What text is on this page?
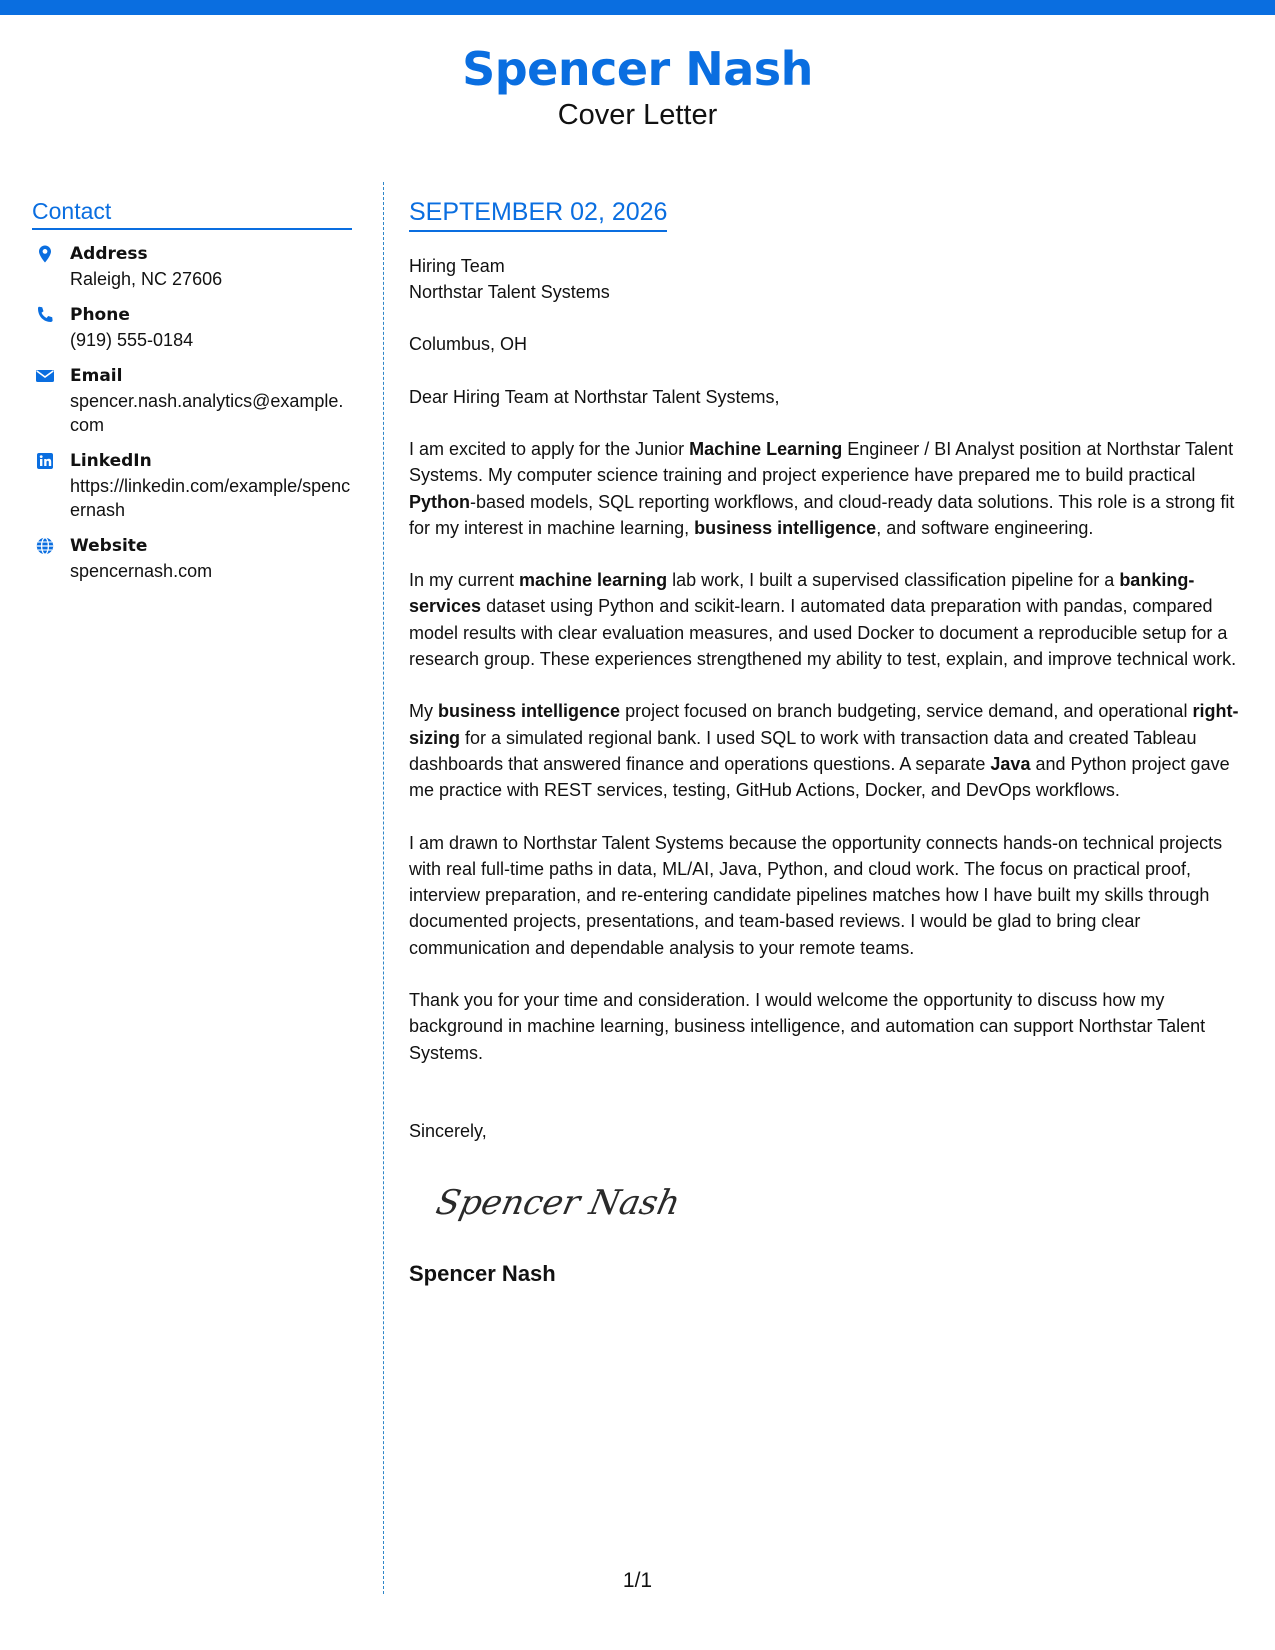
Spencer Nash
Cover Letter
Contact
Address
Raleigh, NC 27606
Phone
(919) 555-0184
Email
spencer.nash.analytics@example.com
LinkedIn
https://linkedin.com/example/spencernash
Website
spencernash.com
SEPTEMBER 02, 2026
Hiring Team
Northstar Talent Systems
Columbus, OH
Dear Hiring Team at Northstar Talent Systems,
I am excited to apply for the Junior Machine Learning Engineer / BI Analyst position at Northstar Talent Systems. My computer science training and project experience have prepared me to build practical Python-based models, SQL reporting workflows, and cloud-ready data solutions. This role is a strong fit for my interest in machine learning, business intelligence, and software engineering.
In my current machine learning lab work, I built a supervised classification pipeline for a banking-services dataset using Python and scikit-learn. I automated data preparation with pandas, compared model results with clear evaluation measures, and used Docker to document a reproducible setup for a research group. These experiences strengthened my ability to test, explain, and improve technical work.
My business intelligence project focused on branch budgeting, service demand, and operational right-sizing for a simulated regional bank. I used SQL to work with transaction data and created Tableau dashboards that answered finance and operations questions. A separate Java and Python project gave me practice with REST services, testing, GitHub Actions, Docker, and DevOps workflows.
I am drawn to Northstar Talent Systems because the opportunity connects hands-on technical projects with real full-time paths in data, ML/AI, Java, Python, and cloud work. The focus on practical proof, interview preparation, and re-entering candidate pipelines matches how I have built my skills through documented projects, presentations, and team-based reviews. I would be glad to bring clear communication and dependable analysis to your remote teams.
Thank you for your time and consideration. I would welcome the opportunity to discuss how my background in machine learning, business intelligence, and automation can support Northstar Talent Systems.
Sincerely,
Spencer Nash
Spencer Nash
1/1
